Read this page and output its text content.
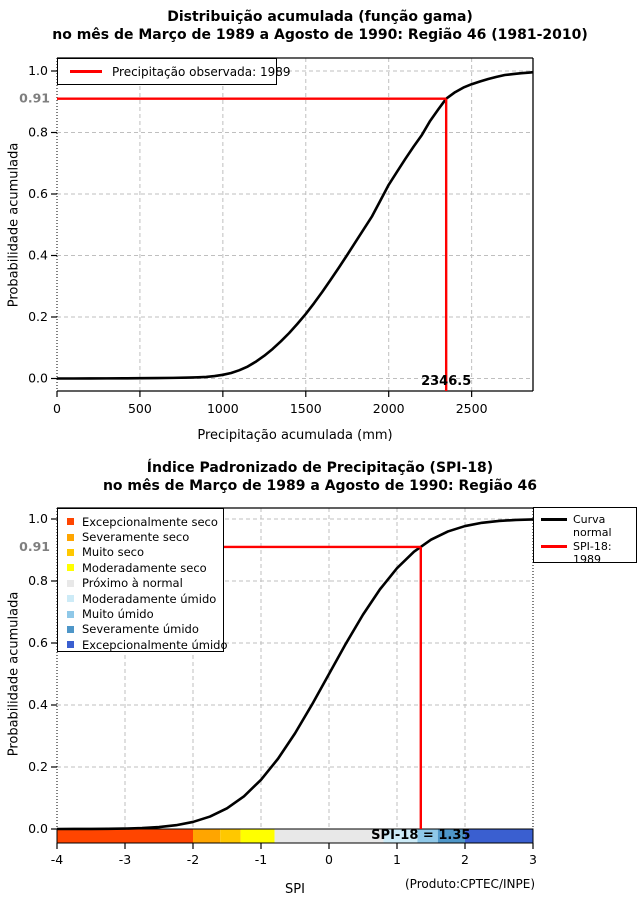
0	500	1000	1500	2000	2500
0.0
0.2
0.4
0.6
0.8
1.0
0.91
-4	-3	-2	-1	0	1	2	3
0.0
0.2
0.4
0.6
0.8
1.0
0.91
Distribuição acumulada (função gama)
no mês de Março de 1989 a Agosto de 1990: Região 46 (1981-2010)
Probabilidade acumulada
Precipitação acumulada (mm)
Precipitação observada: 1989
2346.5
Índice Padronizado de Precipitação (SPI-18)
no mês de Março de 1989 a Agosto de 1990: Região 46
Probabilidade acumulada
SPI
Excepcionalmente seco
Severamente seco
Muito seco
Moderadamente seco
Próximo à normal
Moderadamente úmido
Muito úmido
Severamente úmido
Excepcionalmente úmido
Curva normal
SPI-18: 1989
SPI-18 = 1.35
(Produto:CPTEC/INPE)
